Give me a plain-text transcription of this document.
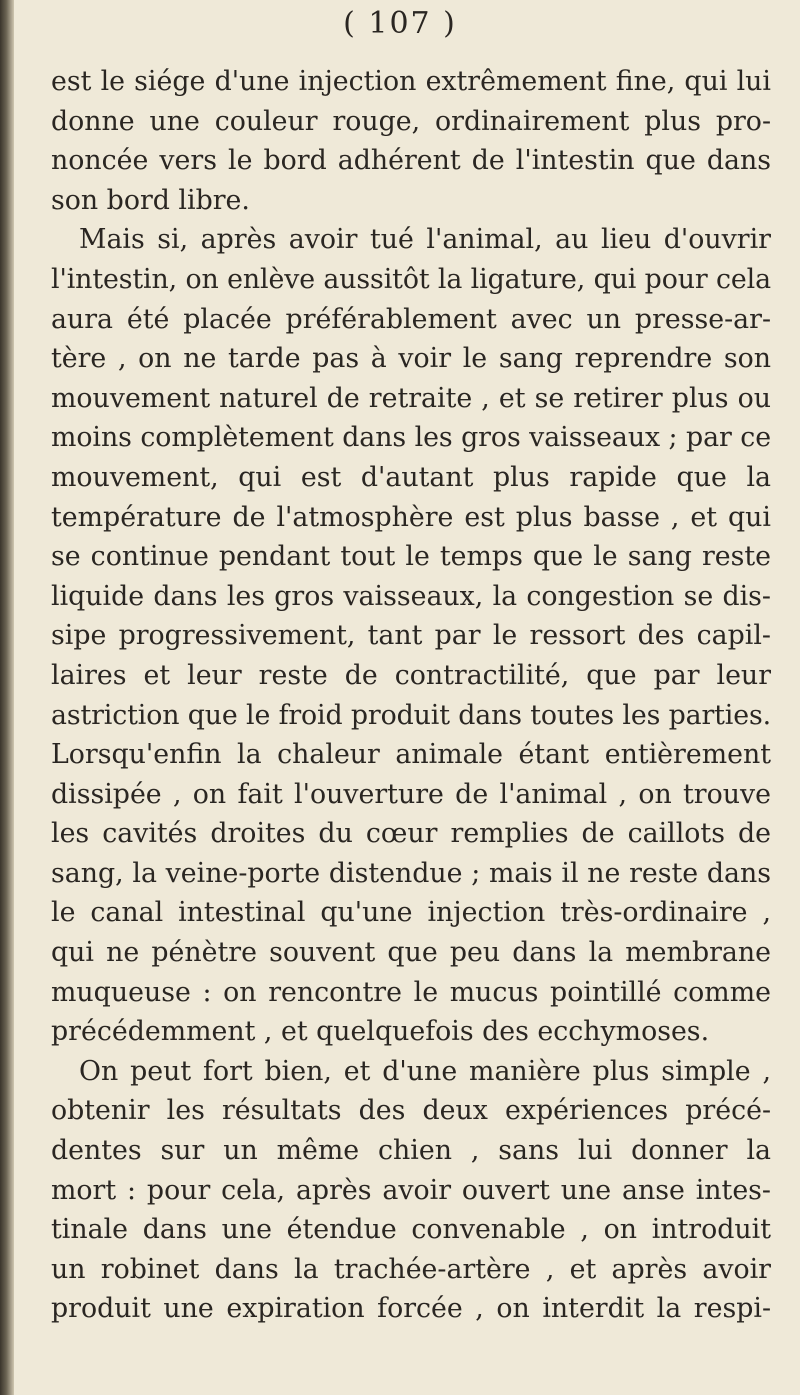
( 107 )

est le siége d'une injection extrêmement fine, qui lui
donne une couleur rouge, ordinairement plus pro-
noncée vers le bord adhérent de l'intestin que dans
son bord libre.
Mais si, après avoir tué l'animal, au lieu d'ouvrir
l'intestin, on enlève aussitôt la ligature, qui pour cela
aura été placée préférablement avec un presse-ar-
tère , on ne tarde pas à voir le sang reprendre son
mouvement naturel de retraite , et se retirer plus ou
moins complètement dans les gros vaisseaux ; par ce
mouvement, qui est d'autant plus rapide que la
température de l'atmosphère est plus basse , et qui
se continue pendant tout le temps que le sang reste
liquide dans les gros vaisseaux, la congestion se dis-
sipe progressivement, tant par le ressort des capil-
laires et leur reste de contractilité, que par leur
astriction que le froid produit dans toutes les parties.
Lorsqu'enfin la chaleur animale étant entièrement
dissipée , on fait l'ouverture de l'animal , on trouve
les cavités droites du cœur remplies de caillots de
sang, la veine-porte distendue ; mais il ne reste dans
le canal intestinal qu'une injection très-ordinaire ,
qui ne pénètre souvent que peu dans la membrane
muqueuse : on rencontre le mucus pointillé comme
précédemment , et quelquefois des ecchymoses.
On peut fort bien, et d'une manière plus simple ,
obtenir les résultats des deux expériences précé-
dentes sur un même chien , sans lui donner la
mort : pour cela, après avoir ouvert une anse intes-
tinale dans une étendue convenable , on introduit
un robinet dans la trachée-artère , et après avoir
produit une expiration forcée , on interdit la respi-
